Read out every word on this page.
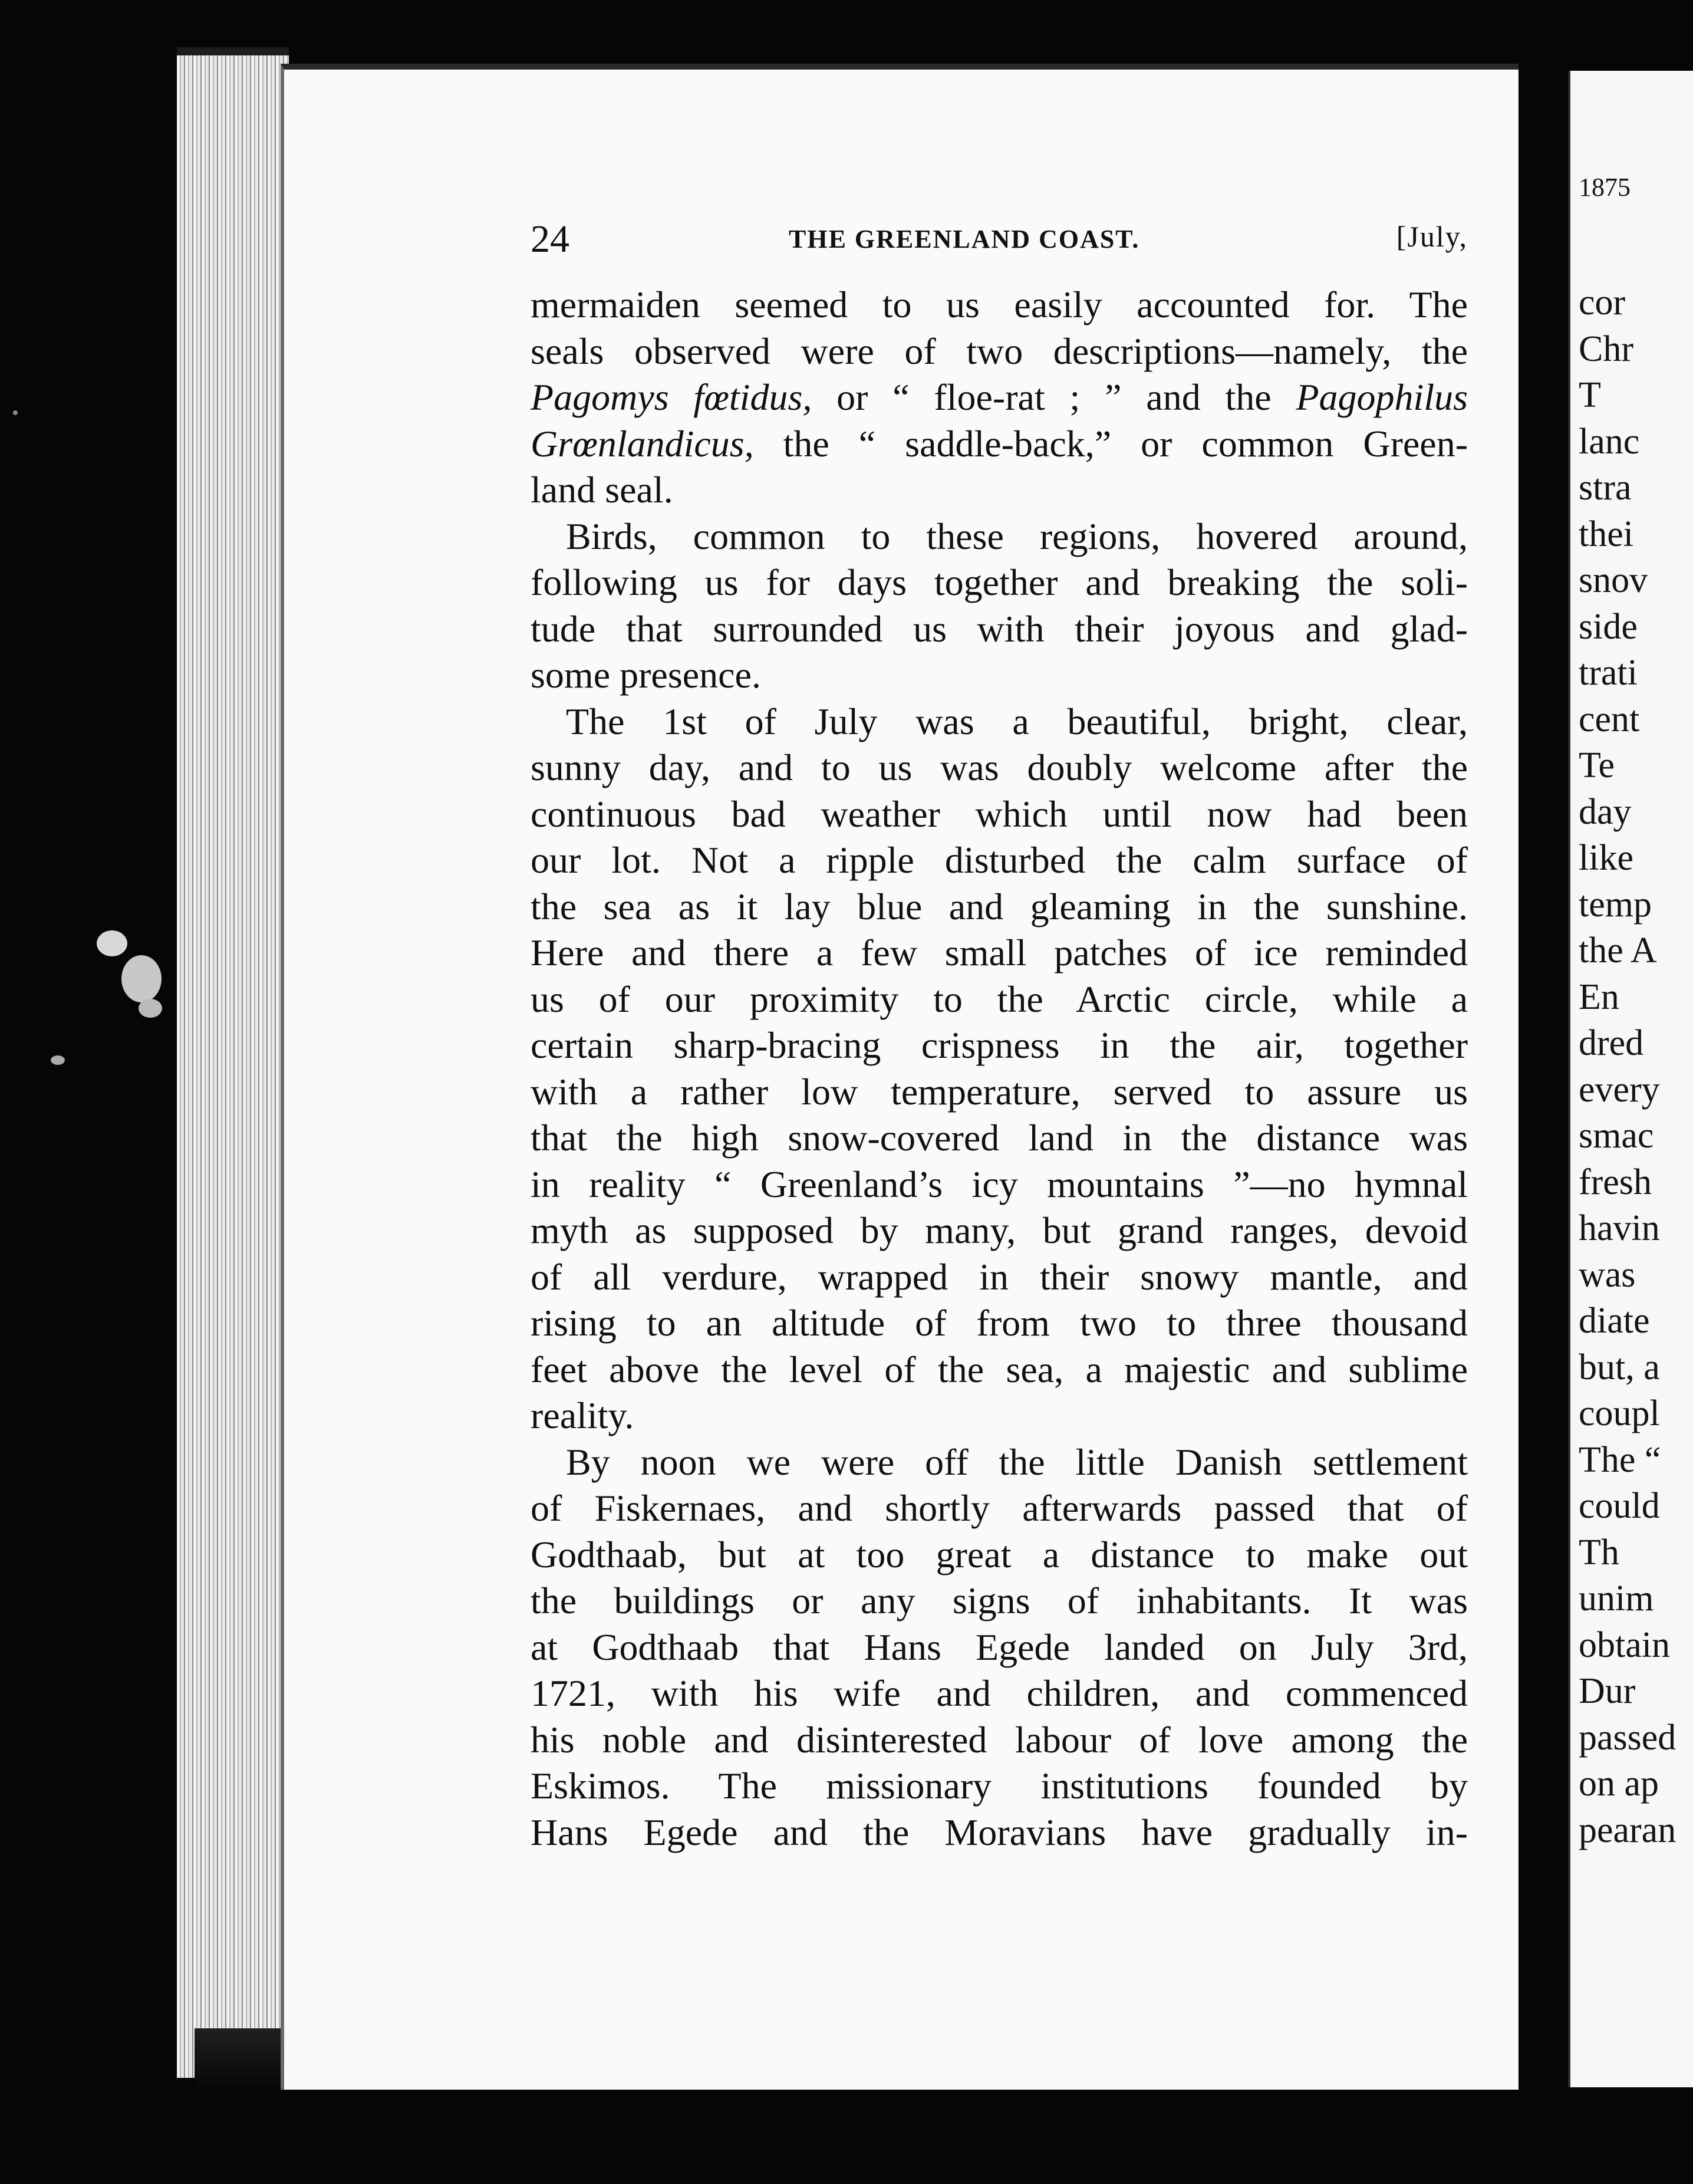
24	THE GREENLAND COAST.	[July,
mermaiden seemed to us easily accounted for. The
seals observed were of two descriptions—namely, the
Pagomys fœtidus, or “ floe-rat ; ” and the Pagophilus
Grœnlandicus, the “ saddle-back,” or common Green-
land seal.
Birds, common to these regions, hovered around,
following us for days together and breaking the soli-
tude that surrounded us with their joyous and glad-
some presence.
The 1st of July was a beautiful, bright, clear,
sunny day, and to us was doubly welcome after the
continuous bad weather which until now had been
our lot. Not a ripple disturbed the calm surface of
the sea as it lay blue and gleaming in the sunshine.
Here and there a few small patches of ice reminded
us of our proximity to the Arctic circle, while a
certain sharp-bracing crispness in the air, together
with a rather low temperature, served to assure us
that the high snow-covered land in the distance was
in reality “ Greenland’s icy mountains ”—no hymnal
myth as supposed by many, but grand ranges, devoid
of all verdure, wrapped in their snowy mantle, and
rising to an altitude of from two to three thousand
feet above the level of the sea, a majestic and sublime
reality.
By noon we were off the little Danish settlement
of Fiskernaes, and shortly afterwards passed that of
Godthaab, but at too great a distance to make out
the buildings or any signs of inhabitants. It was
at Godthaab that Hans Egede landed on July 3rd,
1721, with his wife and children, and commenced
his noble and disinterested labour of love among the
Eskimos. The missionary institutions founded by
Hans Egede and the Moravians have gradually in-
1875
cor
Chr
T
lanc
stra
thei
snov
side
trati
cent
Te
day
like
temp
the A
En
dred
every
smac
fresh
havin
was
diate
but, a
coupl
The “
could
Th
unim
obtain
Dur
passed
on ap
pearan
